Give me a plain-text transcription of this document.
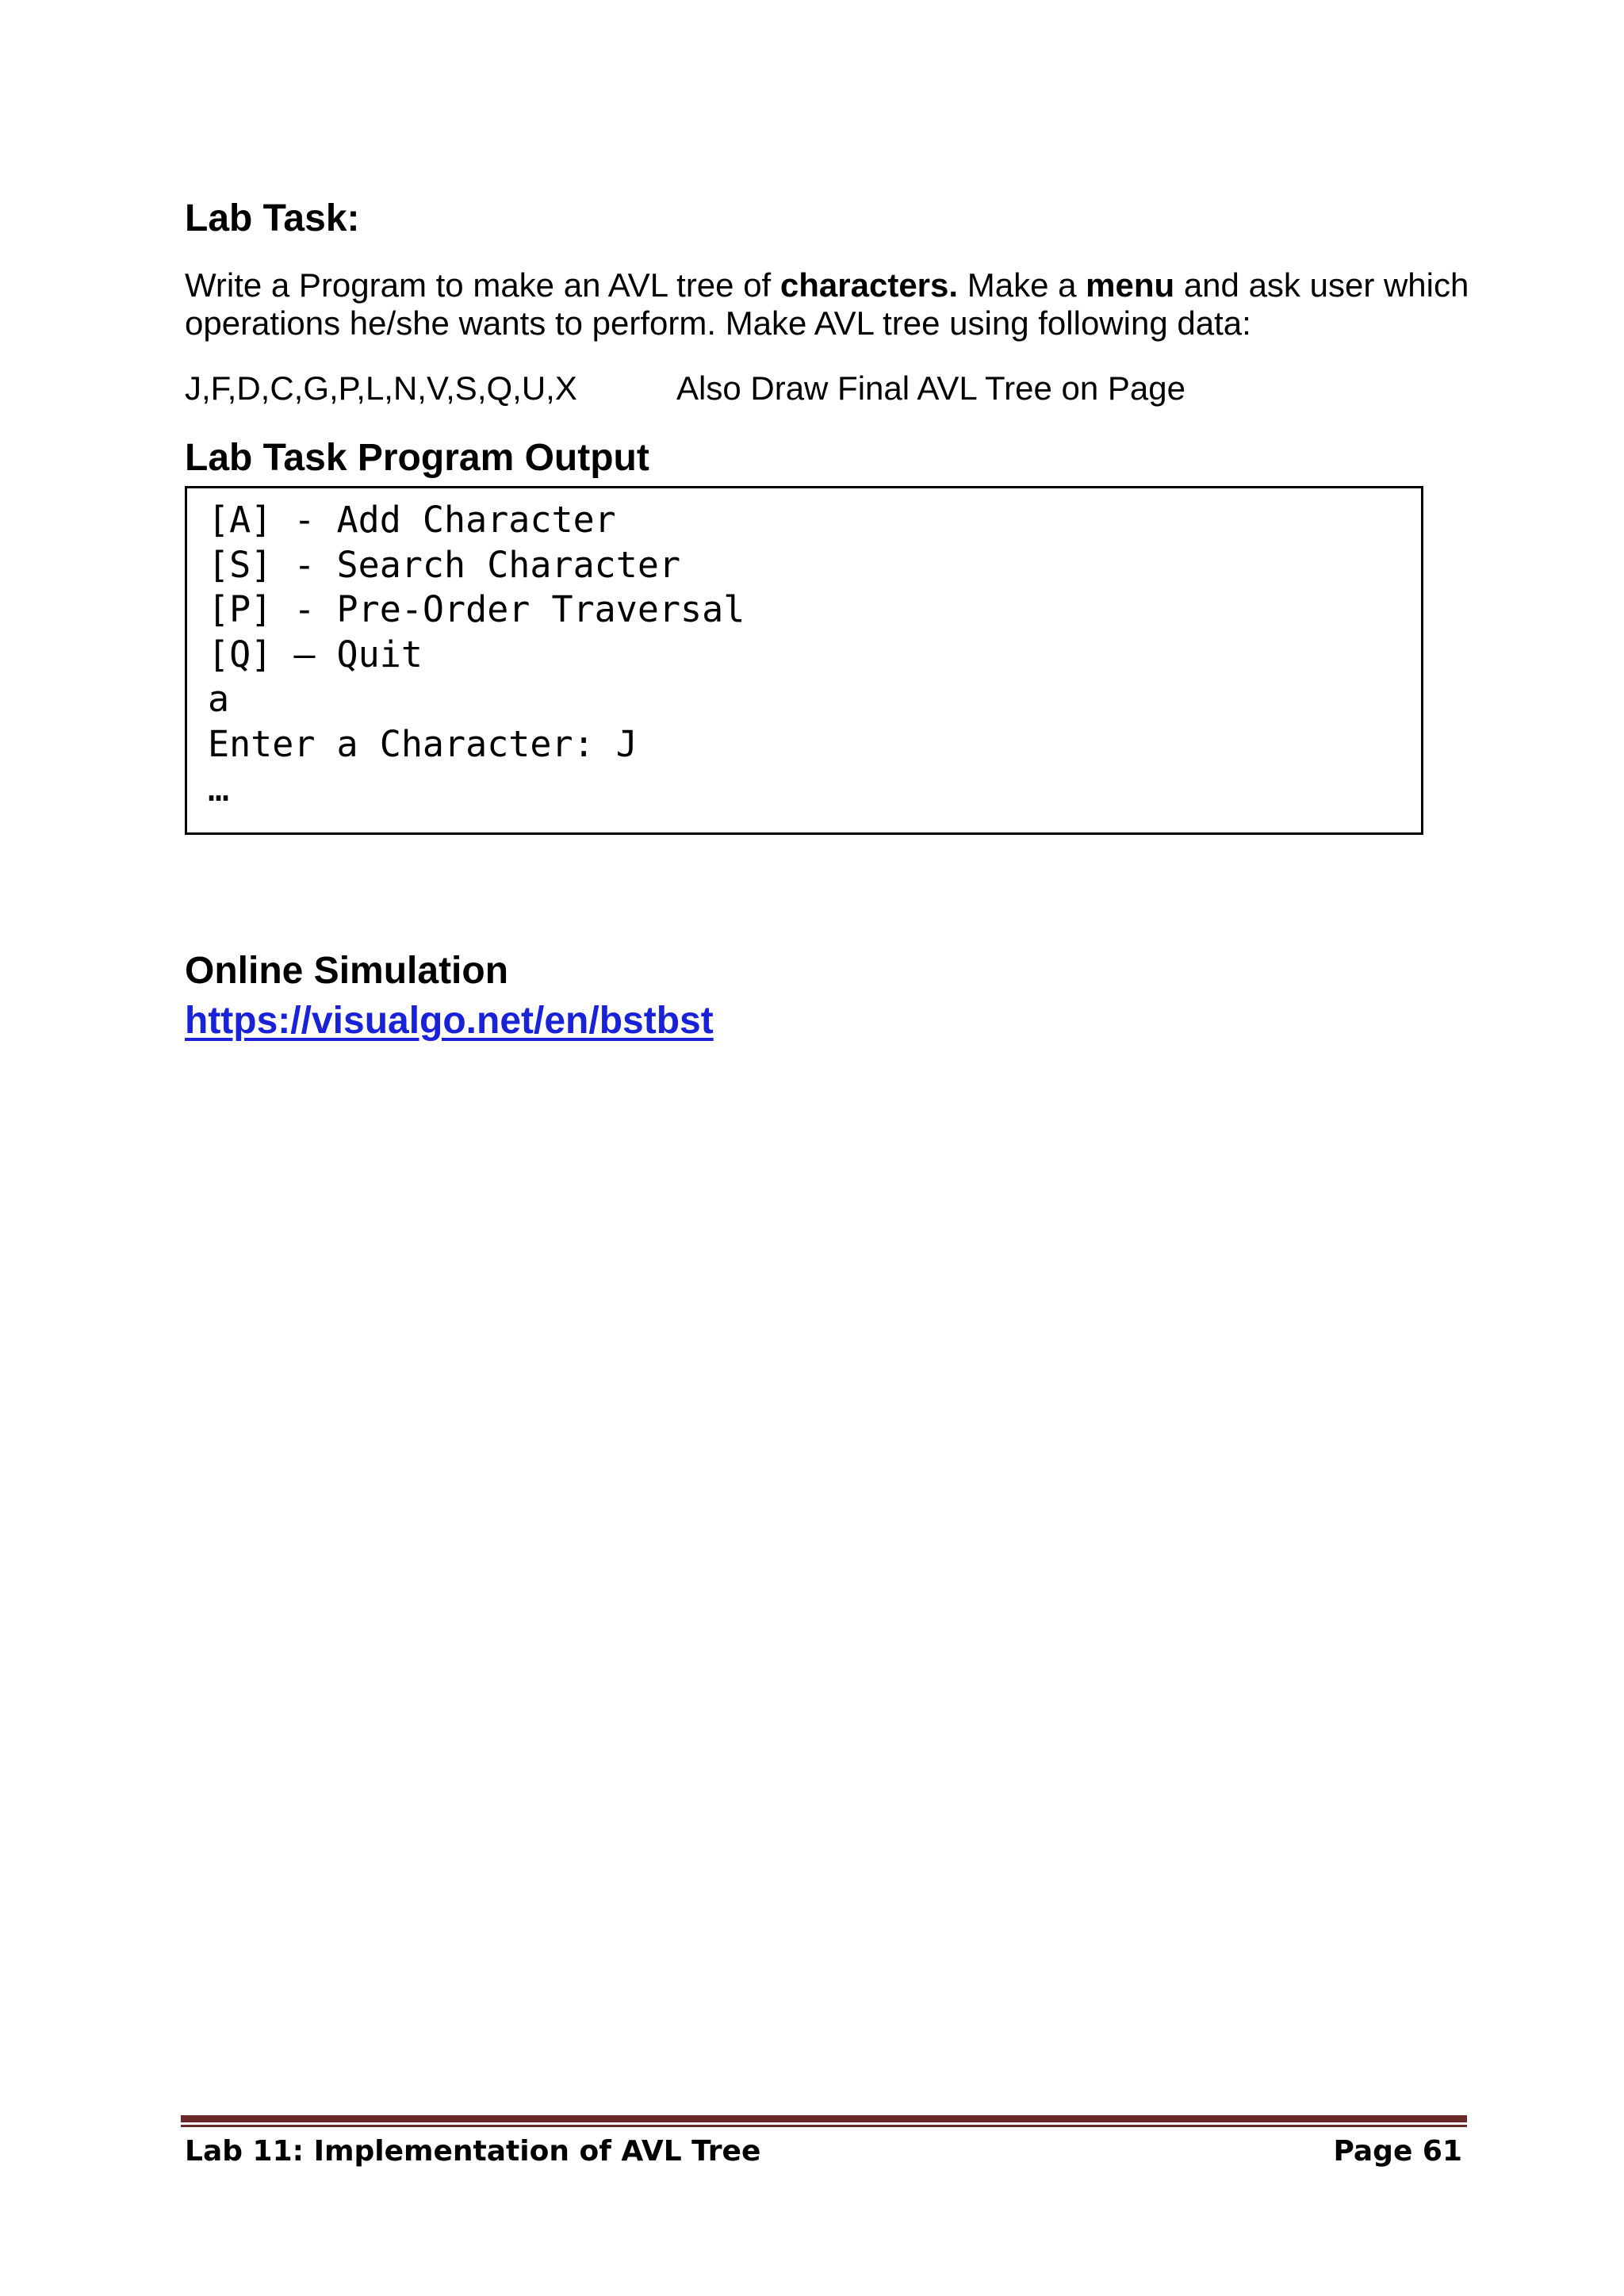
Lab Task:

Write a Program to make an AVL tree of characters. Make a menu and ask user which operations he/she wants to perform. Make AVL tree using following data:

J,F,D,C,G,P,L,N,V,S,Q,U,X	Also Draw Final AVL Tree on Page
Lab Task Program Output
[A] - Add Character
[S] - Search Character
[P] - Pre-Order Traversal
[Q] – Quit
a
Enter a Character: J
…
Online Simulation
https://visualgo.net/en/bstbst
Lab 11: Implementation of AVL Tree	Page 61
